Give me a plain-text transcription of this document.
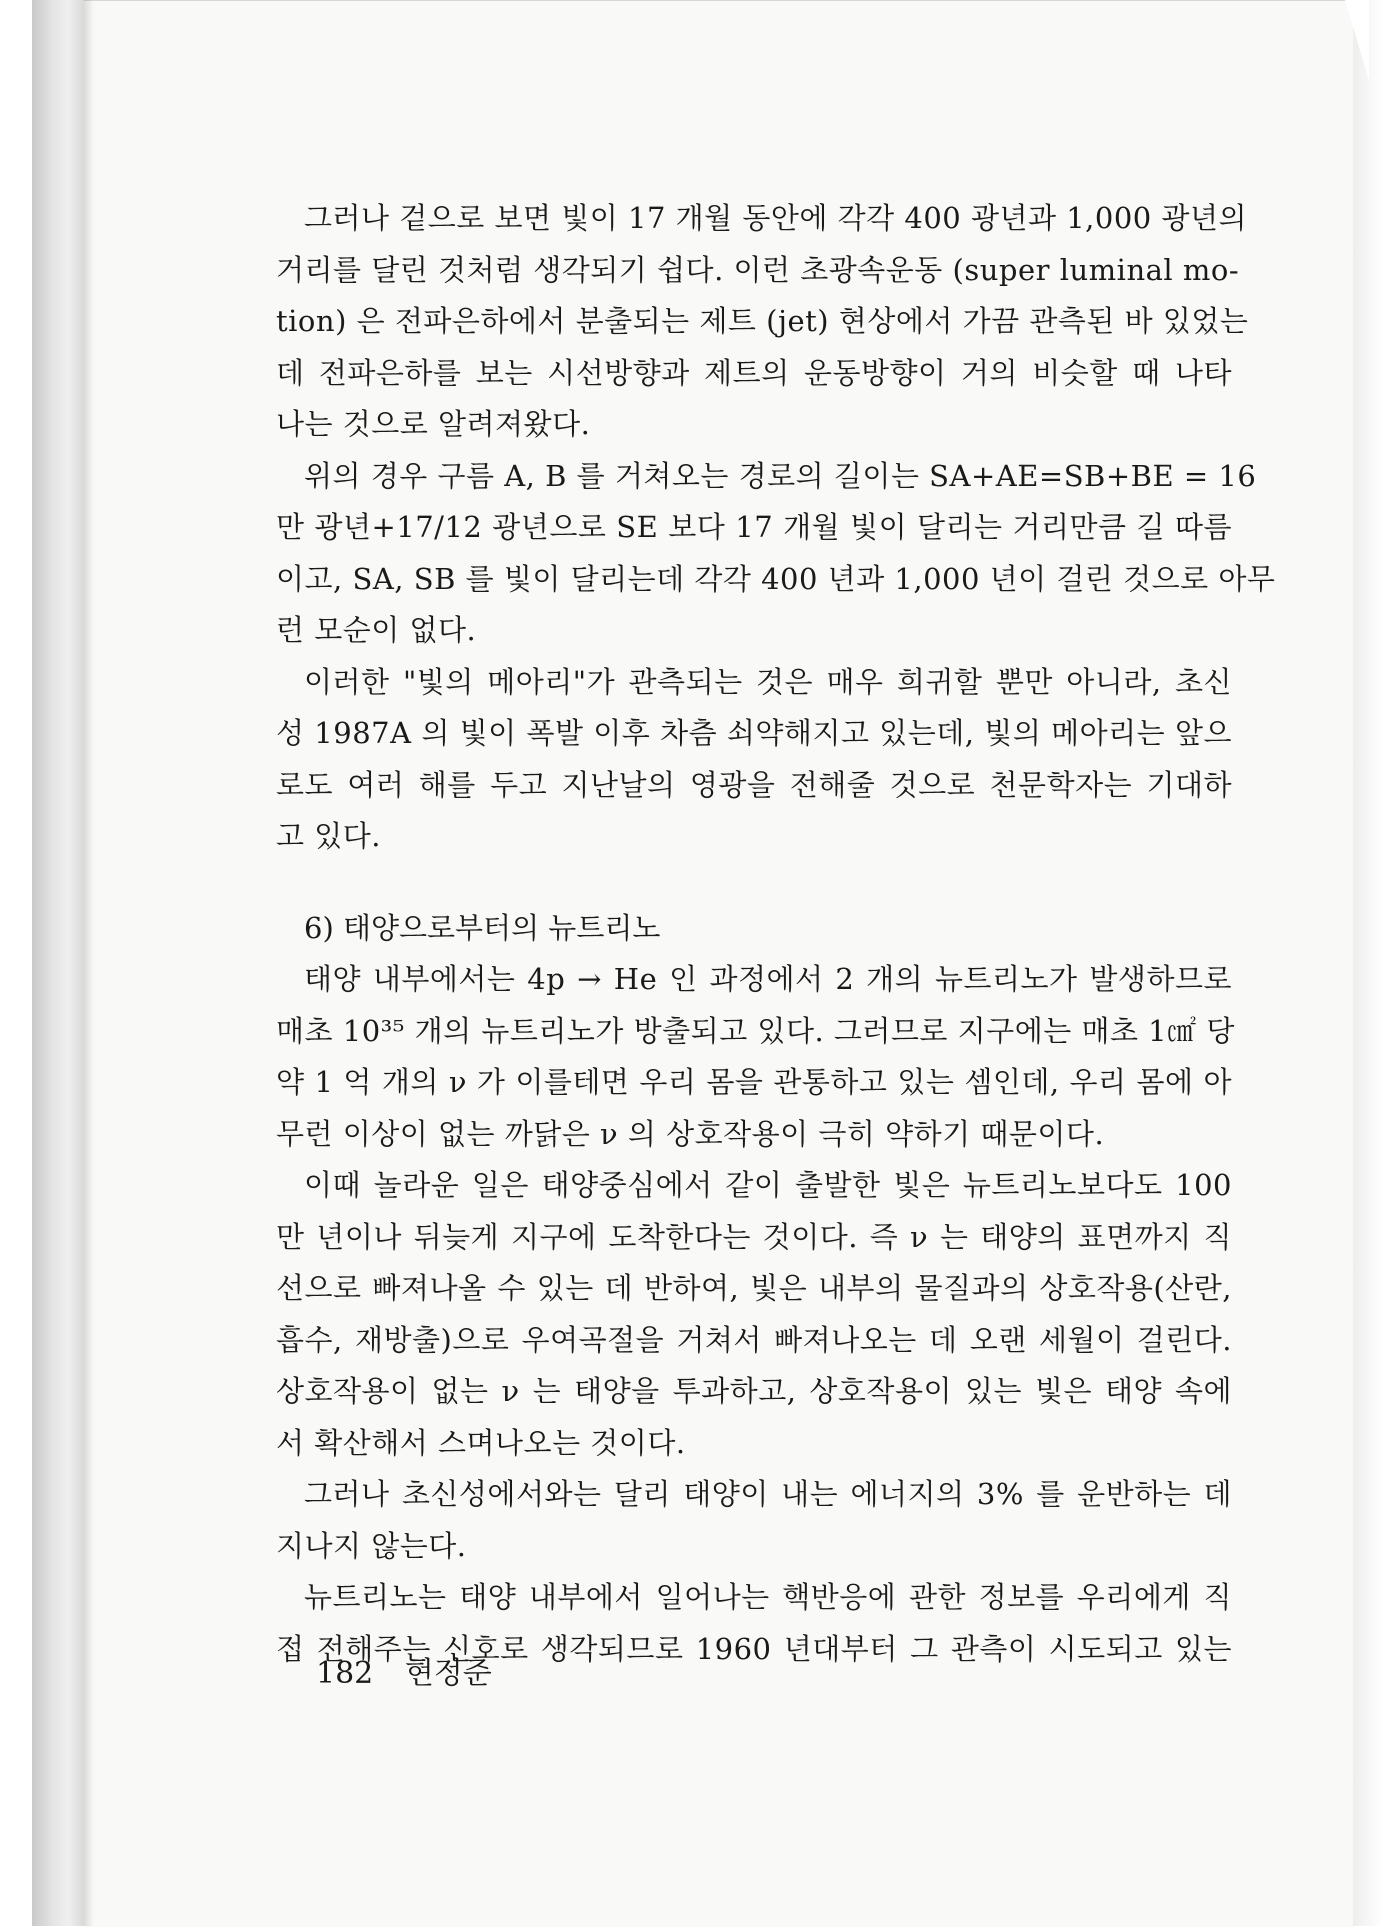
그러나 겉으로 보면 빛이 17 개월 동안에 각각 400 광년과 1,000 광년의
거리를 달린 것처럼 생각되기 쉽다. 이런 초광속운동 (super luminal mo-
tion) 은 전파은하에서 분출되는 제트 (jet) 현상에서 가끔 관측된 바 있었는
데 전파은하를 보는 시선방향과 제트의 운동방향이 거의 비슷할 때 나타
나는 것으로 알려져왔다.
위의 경우 구름 A, B 를 거쳐오는 경로의 길이는 SA+AE=SB+BE = 16
만 광년+17/12 광년으로 SE 보다 17 개월 빛이 달리는 거리만큼 길 따름
이고, SA, SB 를 빛이 달리는데 각각 400 년과 1,000 년이 걸린 것으로 아무
런 모순이 없다.
이러한 "빛의 메아리"가 관측되는 것은 매우 희귀할 뿐만 아니라, 초신
성 1987A 의 빛이 폭발 이후 차츰 쇠약해지고 있는데, 빛의 메아리는 앞으
로도 여러 해를 두고 지난날의 영광을 전해줄 것으로 천문학자는 기대하
고 있다.
6) 태양으로부터의 뉴트리노
태양 내부에서는 4p → He 인 과정에서 2 개의 뉴트리노가 발생하므로
매초 10³⁵ 개의 뉴트리노가 방출되고 있다. 그러므로 지구에는 매초 1㎠ 당
약 1 억 개의 ν 가 이를테면 우리 몸을 관통하고 있는 셈인데, 우리 몸에 아
무런 이상이 없는 까닭은 ν 의 상호작용이 극히 약하기 때문이다.
이때 놀라운 일은 태양중심에서 같이 출발한 빛은 뉴트리노보다도 100
만 년이나 뒤늦게 지구에 도착한다는 것이다. 즉 ν 는 태양의 표면까지 직
선으로 빠져나올 수 있는 데 반하여, 빛은 내부의 물질과의 상호작용(산란,
흡수, 재방출)으로 우여곡절을 거쳐서 빠져나오는 데 오랜 세월이 걸린다.
상호작용이 없는 ν 는 태양을 투과하고, 상호작용이 있는 빛은 태양 속에
서 확산해서 스며나오는 것이다.
그러나 초신성에서와는 달리 태양이 내는 에너지의 3% 를 운반하는 데
지나지 않는다.
뉴트리노는 태양 내부에서 일어나는 핵반응에 관한 정보를 우리에게 직
접 전해주는 신호로 생각되므로 1960 년대부터 그 관측이 시도되고 있는
182 현정준
